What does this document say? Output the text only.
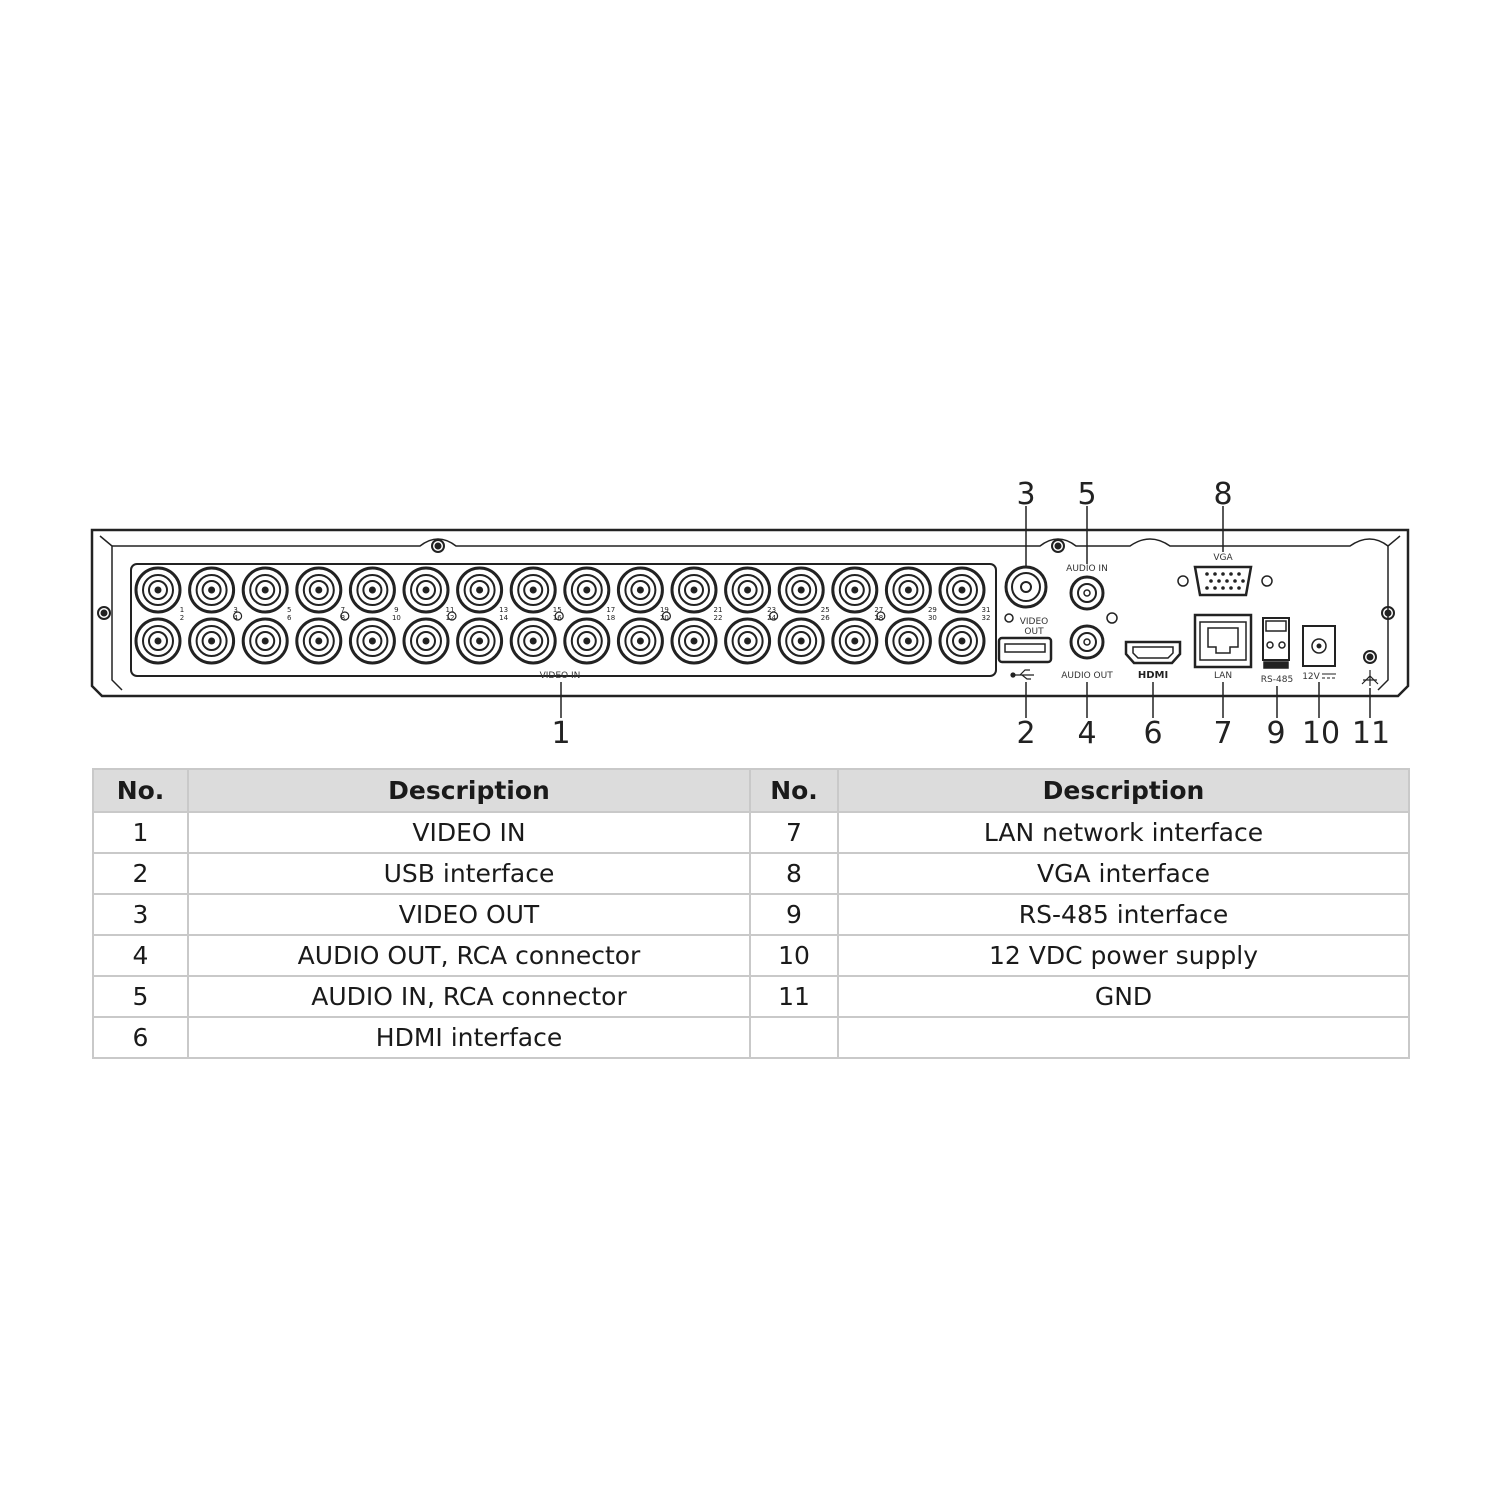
1
2
3
4
5
6
7
8
9
10
11
12
13
14
15
16
17
18
19
20
21
22
23
24
25
26
27
28
29
30
31
32
VIDEO IN
VIDEO
OUT
AUDIO IN
AUDIO OUT	HDMI
VGA
LAN	RS-485 12V
3 5	8
1	2 4 6 7 9 10 11
No.	Description	No.	Description
1	VIDEO IN	7	LAN network interface
2	USB interface	8	VGA interface
3	VIDEO OUT	9	RS-485 interface
4	AUDIO OUT, RCA connector	10	12 VDC power supply
5	AUDIO IN, RCA connector	11	GND
6	HDMI interface		
